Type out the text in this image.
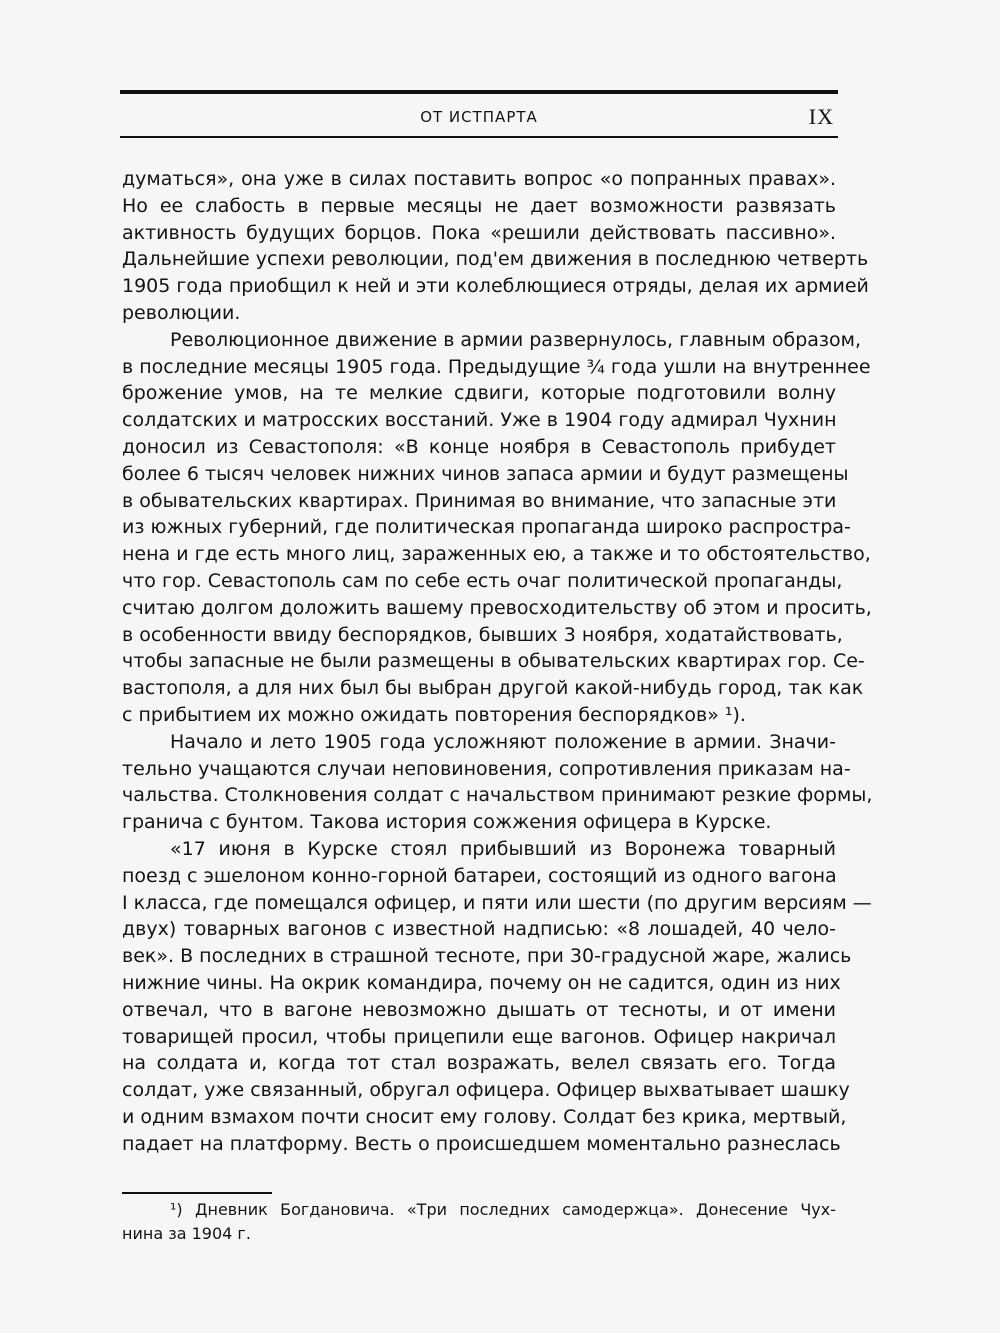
ОТ ИСТПАРТА	IX
думаться», она уже в силах поставить вопрос «о попранных правах».
Но ее слабость в первые месяцы не дает возможности развязать
активность будущих борцов. Пока «решили действовать пассивно».
Дальнейшие успехи революции, под'ем движения в последнюю четверть
1905 года приобщил к ней и эти колеблющиеся отряды, делая их армией
революции.
Революционное движение в армии развернулось, главным образом,
в последние месяцы 1905 года. Предыдущие ¾ года ушли на внутреннее
брожение умов, на те мелкие сдвиги, которые подготовили волну
солдатских и матросских восстаний. Уже в 1904 году адмирал Чухнин
доносил из Севастополя: «В конце ноября в Севастополь прибудет
более 6 тысяч человек нижних чинов запаса армии и будут размещены
в обывательских квартирах. Принимая во внимание, что запасные эти
из южных губерний, где политическая пропаганда широко распростра-
нена и где есть много лиц, зараженных ею, а также и то обстоятельство,
что гор. Севастополь сам по себе есть очаг политической пропаганды,
считаю долгом доложить вашему превосходительству об этом и просить,
в особенности ввиду беспорядков, бывших 3 ноября, ходатайствовать,
чтобы запасные не были размещены в обывательских квартирах гор. Се-
вастополя, а для них был бы выбран другой какой-нибудь город, так как
с прибытием их можно ожидать повторения беспорядков» ¹).
Начало и лето 1905 года усложняют положение в армии. Значи-
тельно учащаются случаи неповиновения, сопротивления приказам на-
чальства. Столкновения солдат с начальством принимают резкие формы,
гранича с бунтом. Такова история сожжения офицера в Курске.
«17 июня в Курске стоял прибывший из Воронежа товарный
поезд с эшелоном конно-горной батареи, состоящий из одного вагона
I класса, где помещался офицер, и пяти или шести (по другим версиям —
двух) товарных вагонов с известной надписью: «8 лошадей, 40 чело-
век». В последних в страшной тесноте, при 30-градусной жаре, жались
нижние чины. На окрик командира, почему он не садится, один из них
отвечал, что в вагоне невозможно дышать от тесноты, и от имени
товарищей просил, чтобы прицепили еще вагонов. Офицер накричал
на солдата и, когда тот стал возражать, велел связать его. Тогда
солдат, уже связанный, обругал офицера. Офицер выхватывает шашку
и одним взмахом почти сносит ему голову. Солдат без крика, мертвый,
падает на платформу. Весть о происшедшем моментально разнеслась
¹) Дневник Богдановича. «Три последних самодержца». Донесение Чух-
нина за 1904 г.
